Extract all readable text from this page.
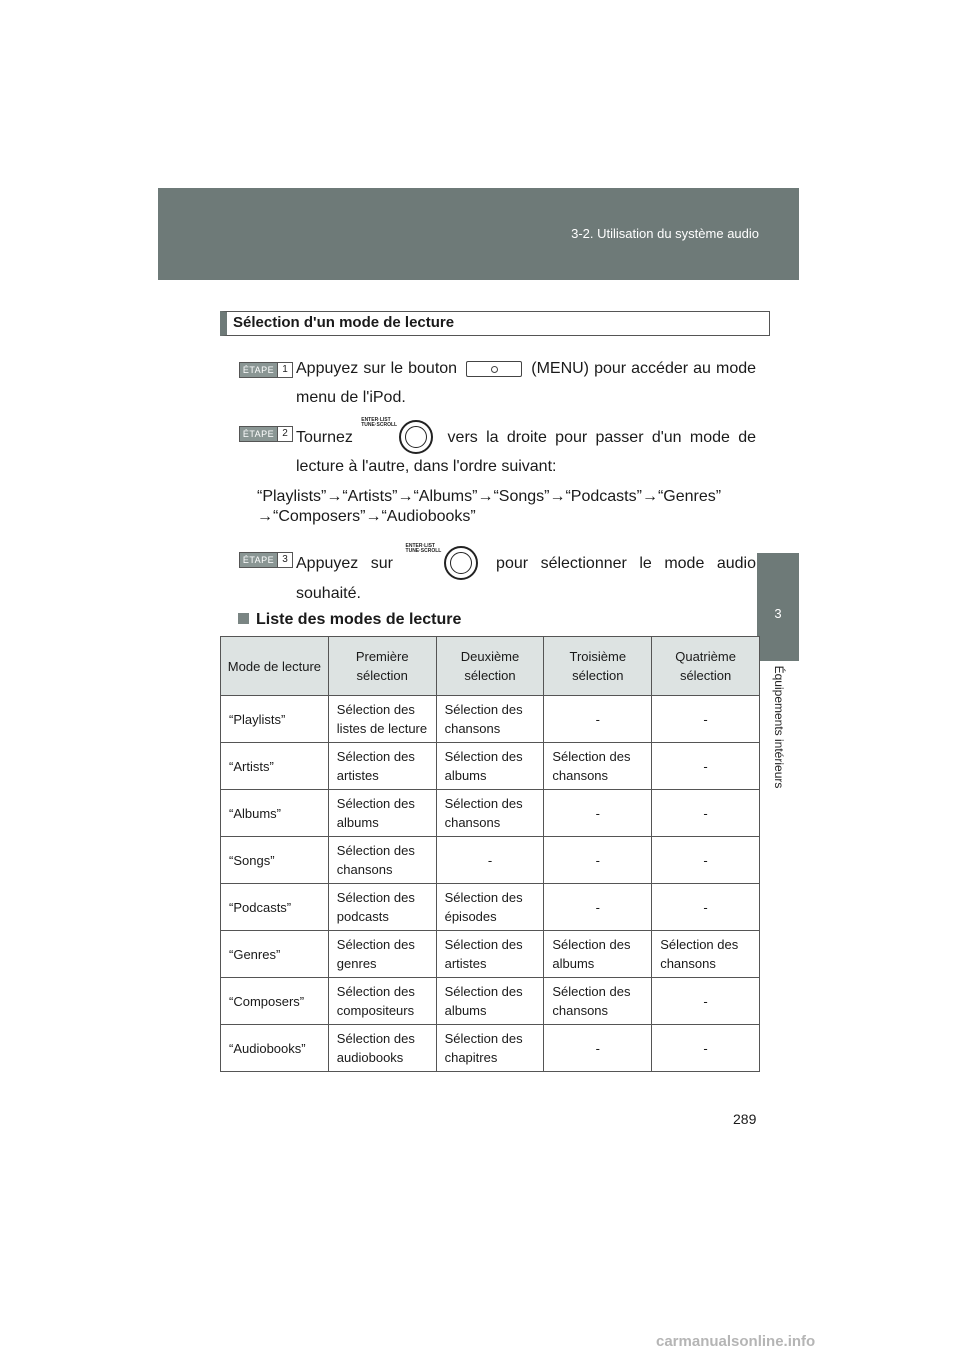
3-2. Utilisation du système audio
3
Équipements intérieurs
Sélection d'un mode de lecture
ÉTAPE 1 Appuyez sur le bouton	(MENU) pour accéder au mode
menu de l'iPod.
ÉTAPE 2 Tournez
ENTER·LIST
TUNE·SCROLL
vers la droite pour passer d'un mode de
lecture à l'autre, dans l'ordre suivant:
“Playlists”→“Artists”→“Albums”→“Songs”→“Podcasts”→“Genres”
→“Composers”→“Audiobooks”
ÉTAPE 3 Appuyez sur
ENTER·LIST
TUNE·SCROLL
pour sélectionner le mode audio
souhaité.
Liste des modes de lecture
Mode de lecture	Première sélection	Deuxième sélection	Troisième sélection	Quatrième sélection
“Playlists”	Sélection des listes de lecture	Sélection des chansons	-	-
“Artists”	Sélection des artistes	Sélection des albums	Sélection des chansons	-
“Albums”	Sélection des albums	Sélection des chansons	-	-
“Songs”	Sélection des chansons	-	-	-
“Podcasts”	Sélection des podcasts	Sélection des épisodes	-	-
“Genres”	Sélection des genres	Sélection des artistes	Sélection des albums	Sélection des chansons
“Composers”	Sélection des compositeurs	Sélection des albums	Sélection des chansons	-
“Audiobooks”	Sélection des audiobooks	Sélection des chapitres	-	-
289
carmanualsonline.info
